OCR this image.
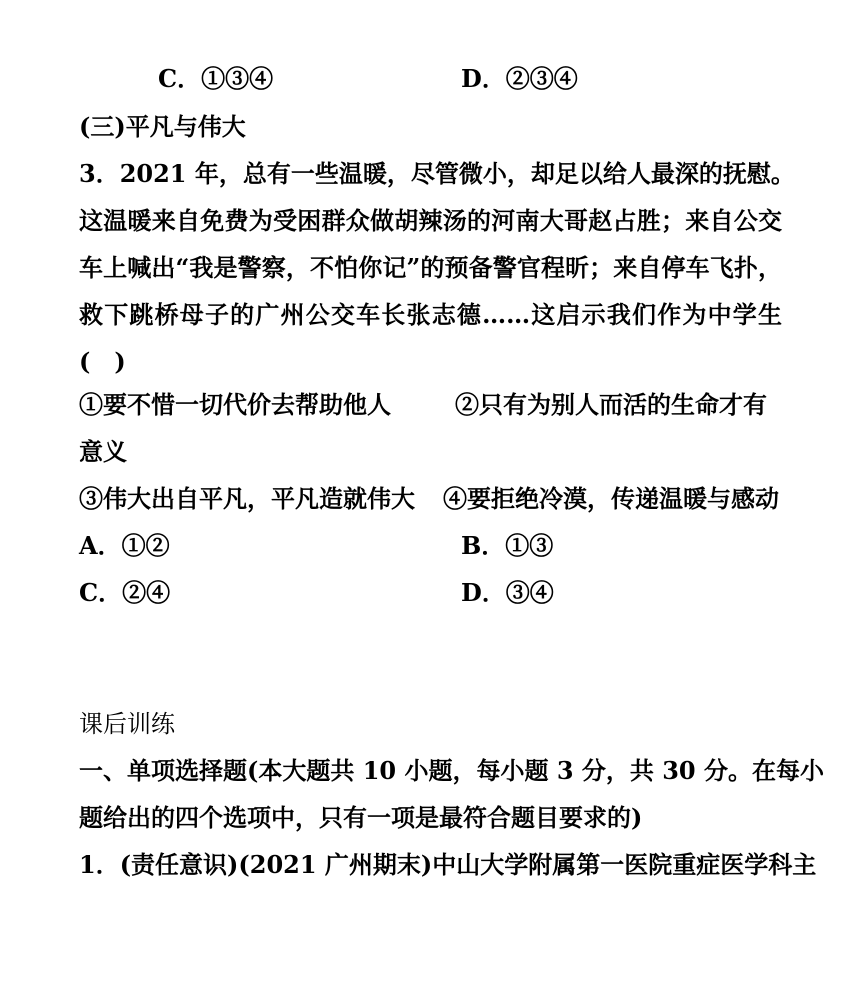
C．①③④	D．②③④
(三)平凡与伟大
3．2021 年，总有一些温暖，尽管微小，却足以给人最深的抚慰。
这温暖来自免费为受困群众做胡辣汤的河南大哥赵占胜；来自公交
车上喊出“我是警察，不怕你记”的预备警官程昕；来自停车飞扑，
救下跳桥母子的广州公交车长张志德……这启示我们作为中学生
(　)
①要不惜一切代价去帮助他人	②只有为别人而活的生命才有
意义
③伟大出自平凡，平凡造就伟大 ④要拒绝冷漠，传递温暖与感动
A．①②	B．①③
C．②④	D．③④
课后训练
一、单项选择题(本大题共 10 小题，每小题 3 分，共 30 分。在每小
题给出的四个选项中，只有一项是最符合题目要求的)
1．(责任意识)(2021 广州期末)中山大学附属第一医院重症医学科主
